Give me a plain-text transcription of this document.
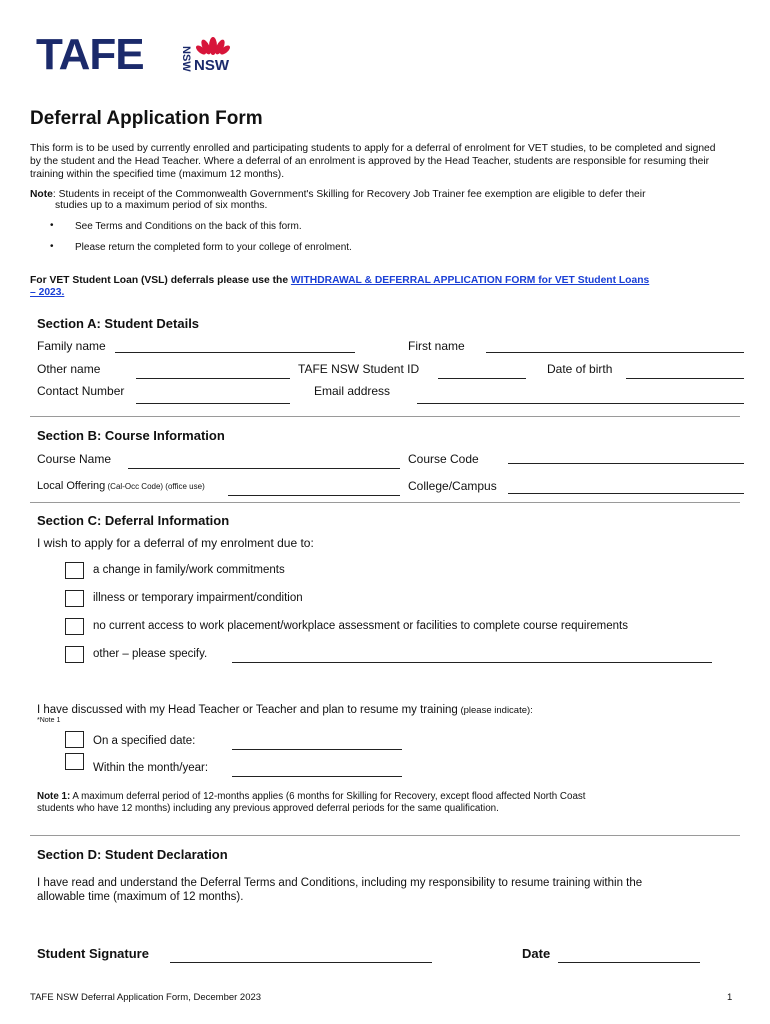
TAFE	NSW NSW
Deferral Application Form
This form is to be used by currently enrolled and participating students to apply for a deferral of enrolment for VET studies, to be completed and signed by the student and the Head Teacher. Where a deferral of an enrolment is approved by the Head Teacher, students are responsible for resuming their training within the specified time (maximum 12 months).
Note: Students in receipt of the Commonwealth Government's Skilling for Recovery Job Trainer fee exemption are eligible to defer their
studies up to a maximum period of six months.
• See Terms and Conditions on the back of this form.
• Please return the completed form to your college of enrolment.
For VET Student Loan (VSL) deferrals please use the WITHDRAWAL & DEFERRAL APPLICATION FORM for VET Student Loans
– 2023.
Section A: Student Details
Family name	First name
Other name	TAFE NSW Student ID	Date of birth
Contact Number	Email address
Section B: Course Information
Course Name	Course Code
Local Offering (Cal-Occ Code) (office use)	College/Campus
Section C: Deferral Information
I wish to apply for a deferral of my enrolment due to:
a change in family/work commitments
illness or temporary impairment/condition
no current access to work placement/workplace assessment or facilities to complete course requirements
other – please specify.
I have discussed with my Head Teacher or Teacher and plan to resume my training (please indicate):
*Note 1
On a specified date:
Within the month/year:
Note 1: A maximum deferral period of 12-months applies (6 months for Skilling for Recovery, except flood affected North Coast
students who have 12 months) including any previous approved deferral periods for the same qualification.
Section D: Student Declaration
I have read and understand the Deferral Terms and Conditions, including my responsibility to resume training within the
allowable time (maximum of 12 months).
Student Signature	Date
TAFE NSW Deferral Application Form, December 2023	1
